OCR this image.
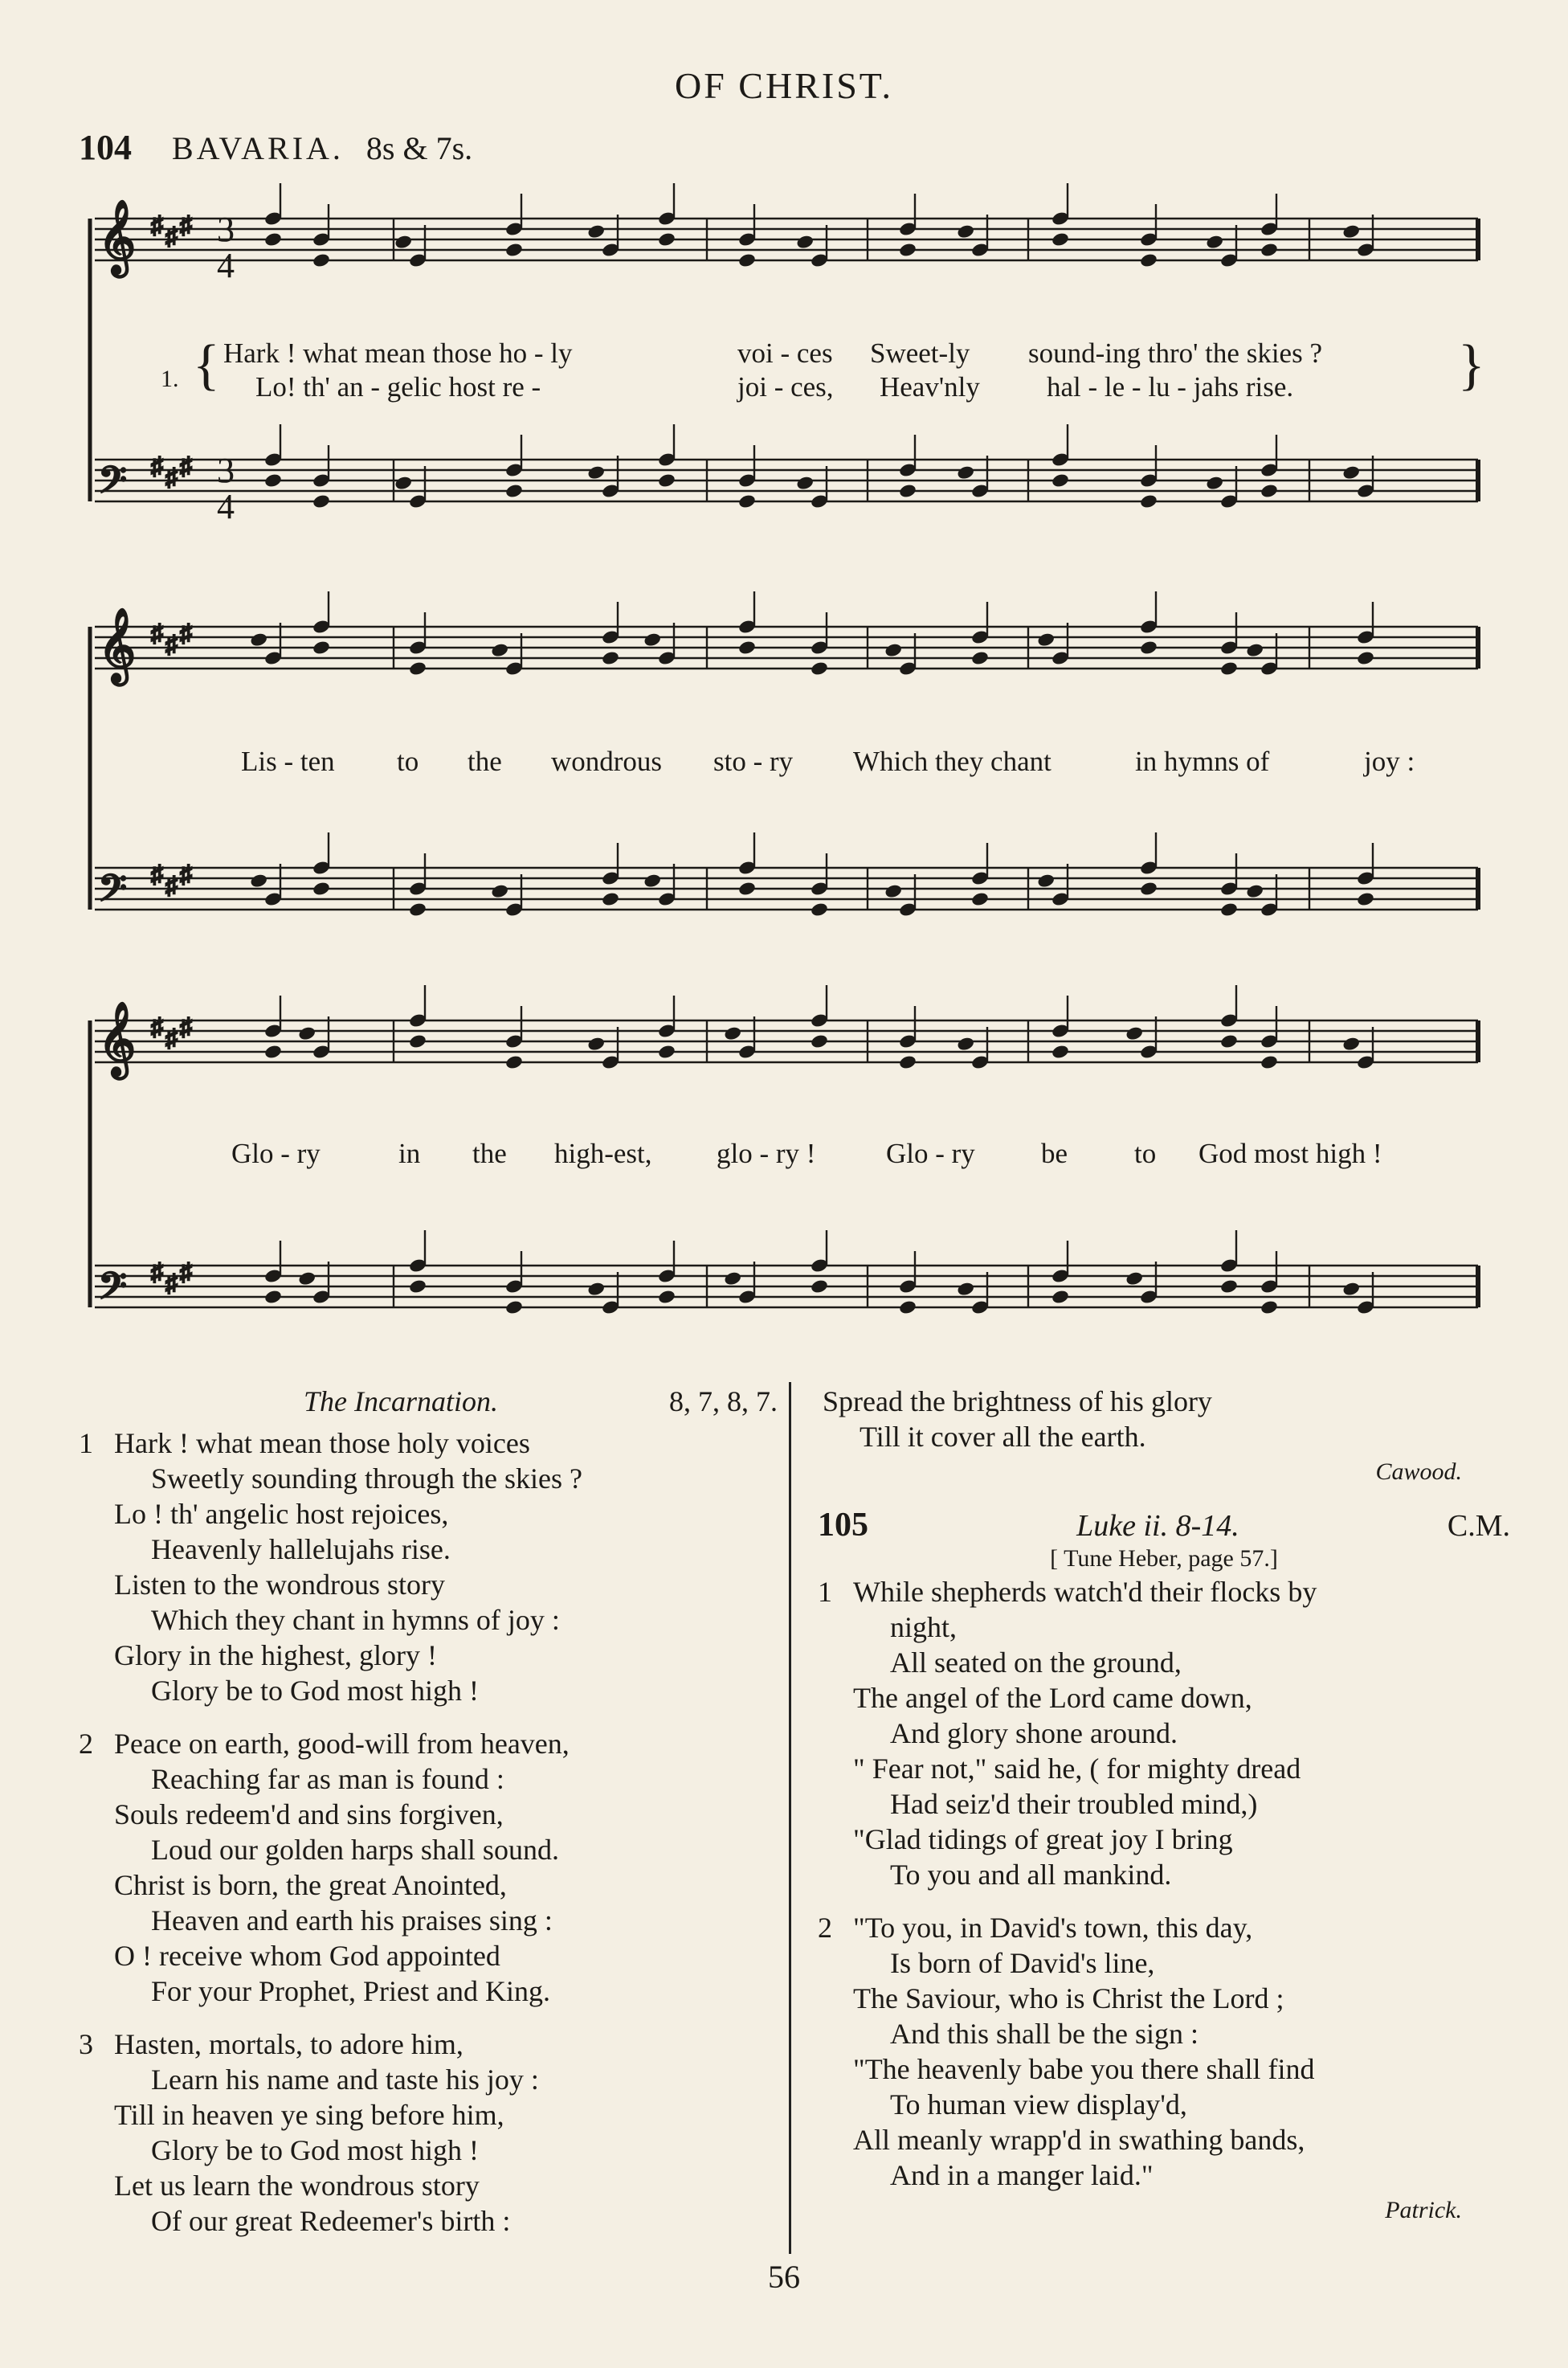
OF CHRIST.
104 BAVARIA. 8s & 7s.
𝄞 ♯ ♯ ♯
𝄢 ♯ ♯ ♯
𝄞 ♯ ♯ ♯
𝄢 ♯ ♯ ♯
𝄞 ♯ ♯ ♯
𝄢 ♯ ♯ ♯
3
4
3
4
1. { Hark ! what mean those ho - ly	voi - ces Sweet-ly sound-ing thro' the skies ?
Lo! th' an - gelic host re -	joi - ces, Heav'nly hal - le - lu - jahs rise.	}
Lis - ten to the wondrous sto - ry Which they chant	in hymns of	joy :
Glo - ry	in the high-est, glo - ry !	Glo - ry be to God most high !
The Incarnation.	8, 7, 8, 7.
1 Hark ! what mean those holy voices
Sweetly sounding through the skies ?
Lo ! th' angelic host rejoices,
Heavenly hallelujahs rise.
Listen to the wondrous story
Which they chant in hymns of joy :
Glory in the highest, glory !
Glory be to God most high !
2 Peace on earth, good-will from heaven,
Reaching far as man is found :
Souls redeem'd and sins forgiven,
Loud our golden harps shall sound.
Christ is born, the great Anointed,
Heaven and earth his praises sing :
O ! receive whom God appointed
For your Prophet, Priest and King.
3 Hasten, mortals, to adore him,
Learn his name and taste his joy :
Till in heaven ye sing before him,
Glory be to God most high !
Let us learn the wondrous story
Of our great Redeemer's birth :
Spread the brightness of his glory
Till it cover all the earth.
Cawood.
105	Luke ii. 8-14.	C.M.
[ Tune Heber, page 57.]
1 While shepherds watch'd their flocks by
night,
All seated on the ground,
The angel of the Lord came down,
And glory shone around.
" Fear not," said he, ( for mighty dread
Had seiz'd their troubled mind,)
"Glad tidings of great joy I bring
To you and all mankind.
2 "To you, in David's town, this day,
Is born of David's line,
The Saviour, who is Christ the Lord ;
And this shall be the sign :
"The heavenly babe you there shall find
To human view display'd,
All meanly wrapp'd in swathing bands,
And in a manger laid."
Patrick.
56
